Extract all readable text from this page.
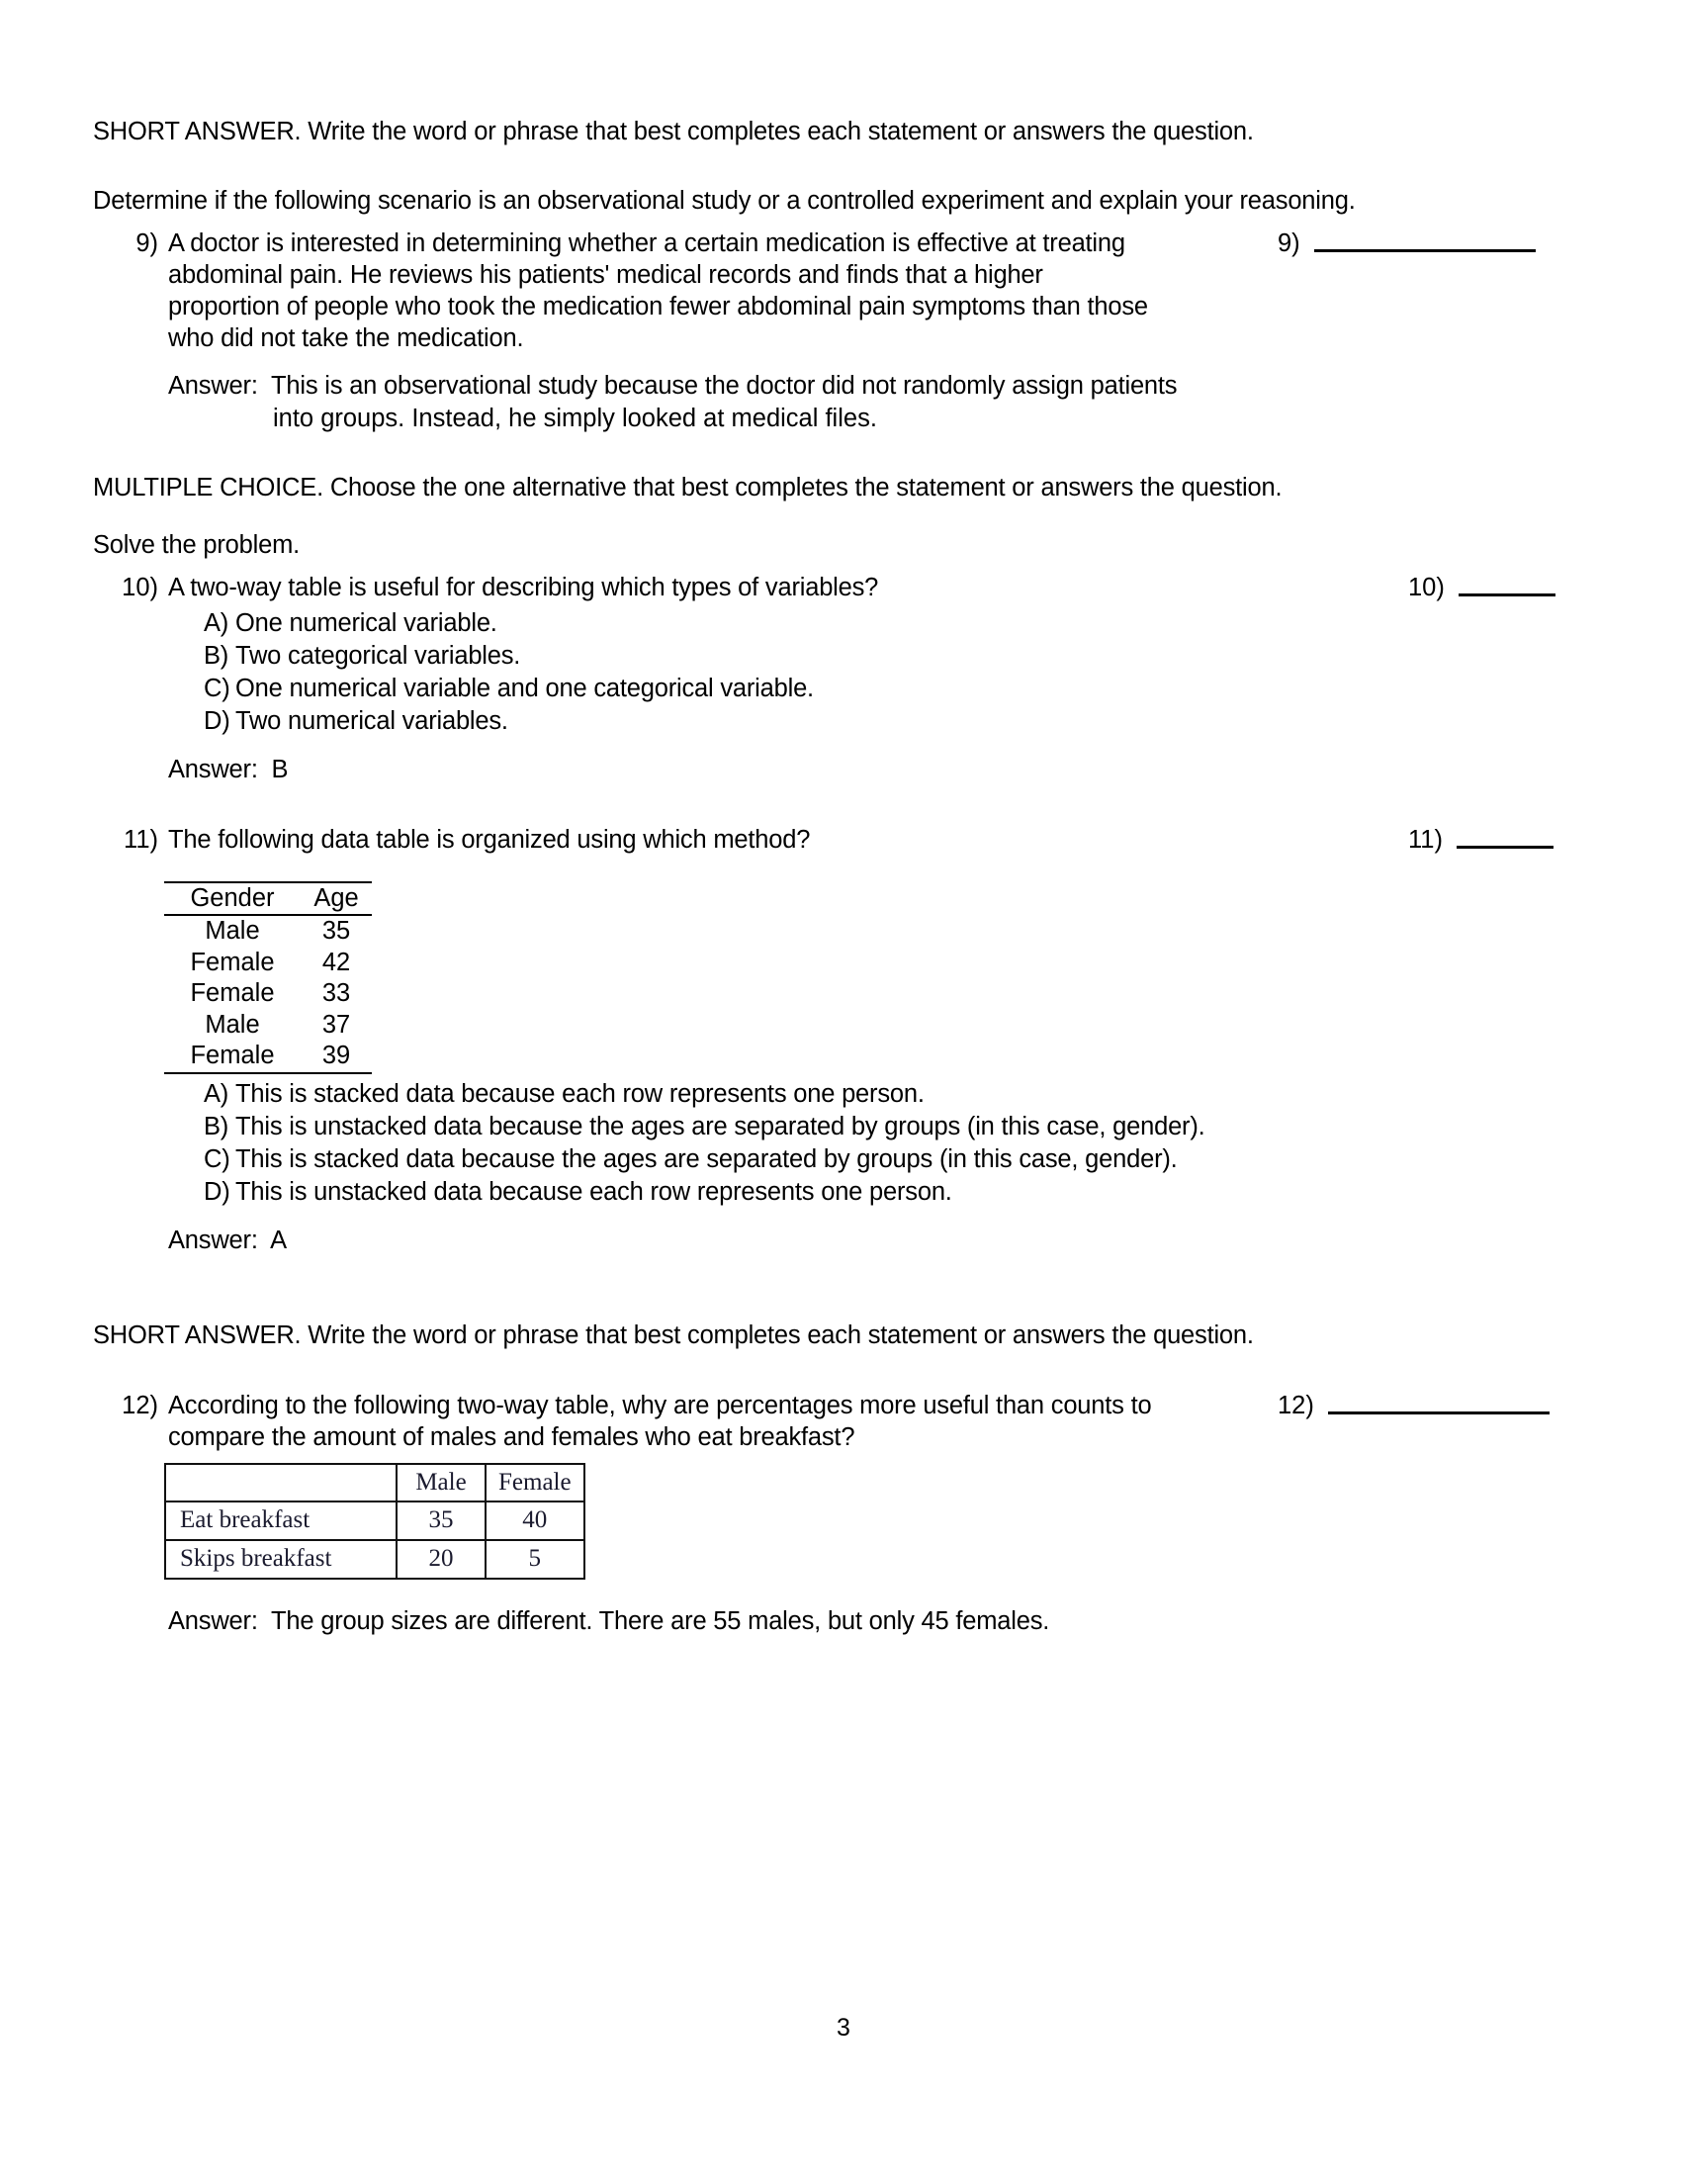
SHORT ANSWER. Write the word or phrase that best completes each statement or answers the question.
Determine if the following scenario is an observational study or a controlled experiment and explain your reasoning.
9) A doctor is interested in determining whether a certain medication is effective at treating
abdominal pain. He reviews his patients' medical records and finds that a higher
proportion of people who took the medication fewer abdominal pain symptoms than those
who did not take the medication.
9)
Answer: This is an observational study because the doctor did not randomly assign patients
into groups. Instead, he simply looked at medical files.
MULTIPLE CHOICE. Choose the one alternative that best completes the statement or answers the question.
Solve the problem.
10) A two-way table is useful for describing which types of variables?
A) One numerical variable.
B) Two categorical variables.
C) One numerical variable and one categorical variable.
D) Two numerical variables.
10)
Answer: B
11) The following data table is organized using which method?	11)
Gender	Age
Male	35
Female	42
Female	33
Male	37
Female	39
A) This is stacked data because each row represents one person.
B) This is unstacked data because the ages are separated by groups (in this case, gender).
C) This is stacked data because the ages are separated by groups (in this case, gender).
D) This is unstacked data because each row represents one person.
Answer: A
SHORT ANSWER. Write the word or phrase that best completes each statement or answers the question.
12) According to the following two-way table, why are percentages more useful than counts to
compare the amount of males and females who eat breakfast?
12)
	Male	Female
Eat breakfast	35	40
Skips breakfast	20	5
Answer: The group sizes are different. There are 55 males, but only 45 females.
3
